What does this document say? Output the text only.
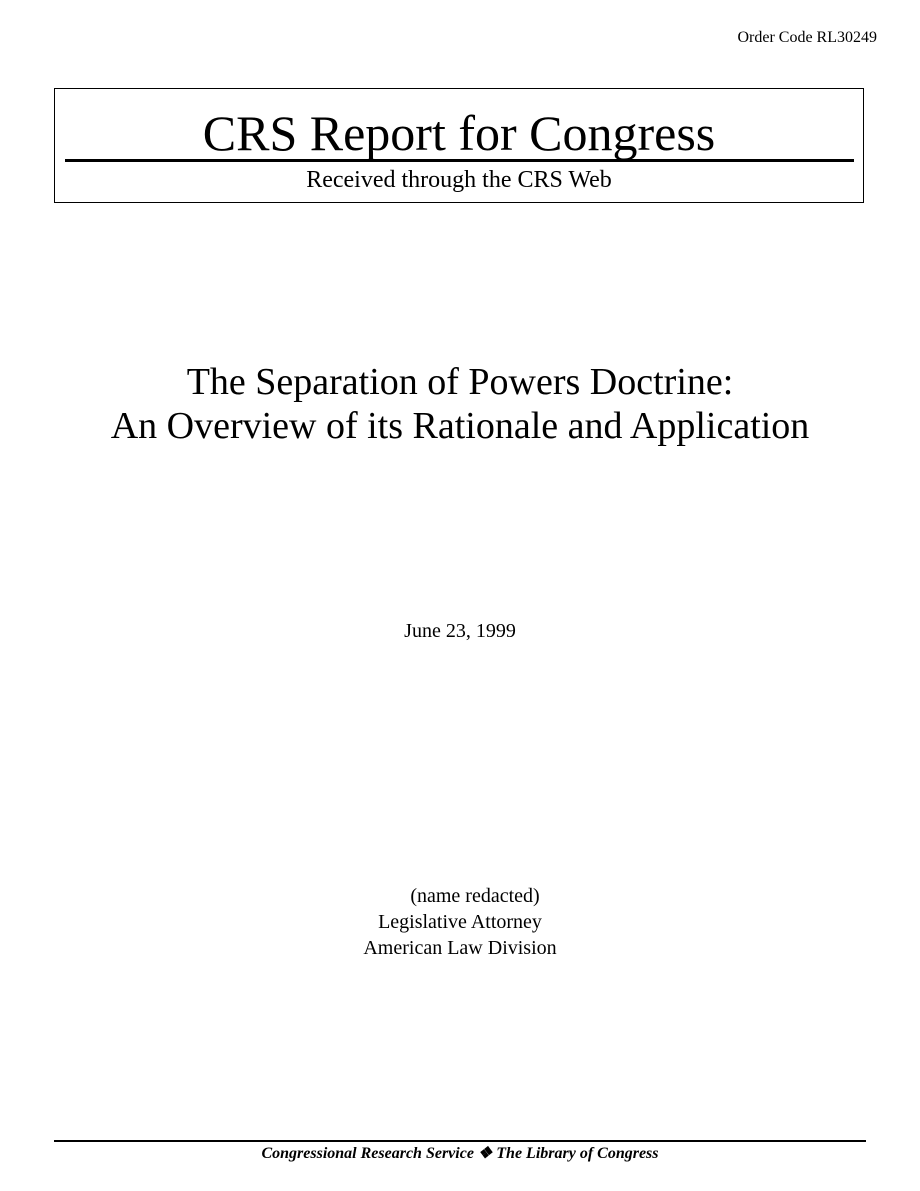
Order Code RL30249
CRS Report for Congress
Received through the CRS Web
The Separation of Powers Doctrine:
An Overview of its Rationale and Application
June 23, 1999
(name redacted)
Legislative Attorney
American Law Division
Congressional Research Service ❖ The Library of Congress
